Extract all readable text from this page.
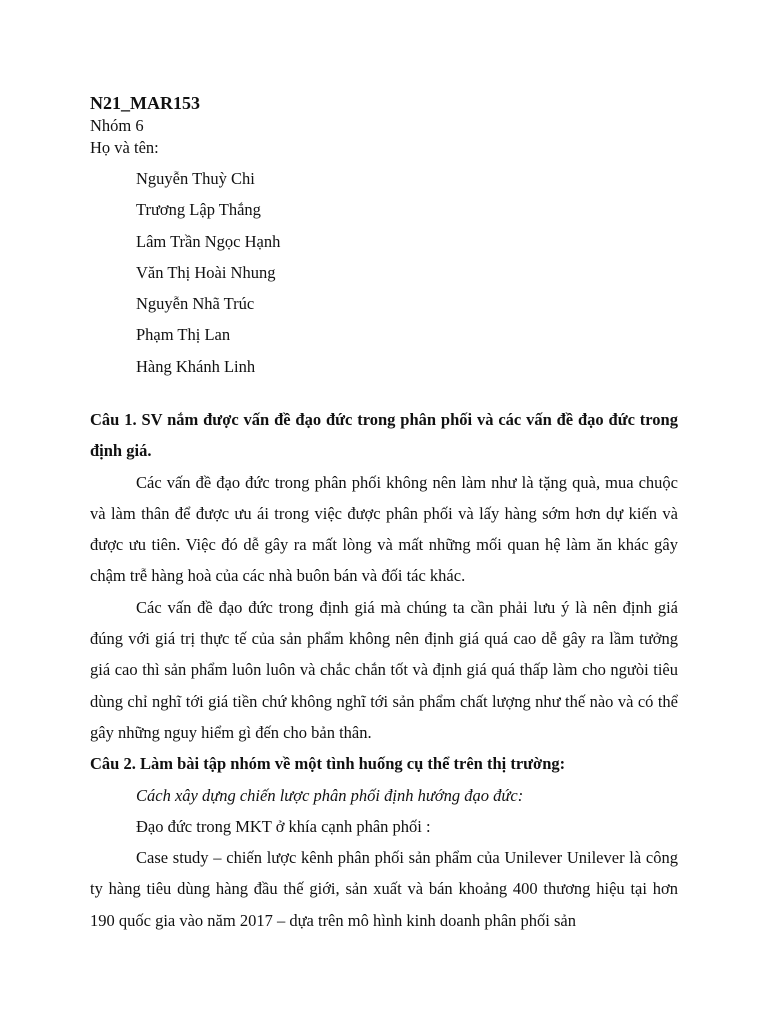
N21_MAR153
Nhóm 6
Họ và tên:
Nguyễn Thuỳ Chi
Trương Lập Thắng
Lâm Trần Ngọc Hạnh
Văn Thị Hoài Nhung
Nguyễn Nhã Trúc
Phạm Thị Lan
Hàng Khánh Linh

Câu 1. SV nắm được vấn đề đạo đức trong phân phối và các vấn đề đạo đức trong định giá.

Các vấn đề đạo đức trong phân phối không nên làm như là tặng quà, mua chuộc và làm thân để được ưu ái trong việc được phân phối và lấy hàng sớm hơn dự kiến và được ưu tiên. Việc đó dễ gây ra mất lòng và mất những mối quan hệ làm ăn khác gây chậm trễ hàng hoà của các nhà buôn bán và đối tác khác.

Các vấn đề đạo đức trong định giá mà chúng ta cần phải lưu ý là nên định giá đúng với giá trị thực tế của sản phẩm không nên định giá quá cao dễ gây ra lầm tưởng giá cao thì sản phẩm luôn luôn và chắc chắn tốt và định giá quá thấp làm cho ngưòi tiêu dùng chỉ nghĩ tới giá tiền chứ không nghĩ tới sản phẩm chất lượng như thế nào và có thể gây những nguy hiểm gì đến cho bản thân.

Câu 2. Làm bài tập nhóm về một tình huống cụ thể trên thị trường:

Cách xây dựng chiến lược phân phối định hướng đạo đức:

Đạo đức trong MKT ở khía cạnh phân phối :

Case study – chiến lược kênh phân phối sản phẩm của Unilever Unilever là công ty hàng tiêu dùng hàng đầu thế giới, sản xuất và bán khoảng 400 thương hiệu tại hơn 190 quốc gia vào năm 2017 – dựa trên mô hình kinh doanh phân phối sản
